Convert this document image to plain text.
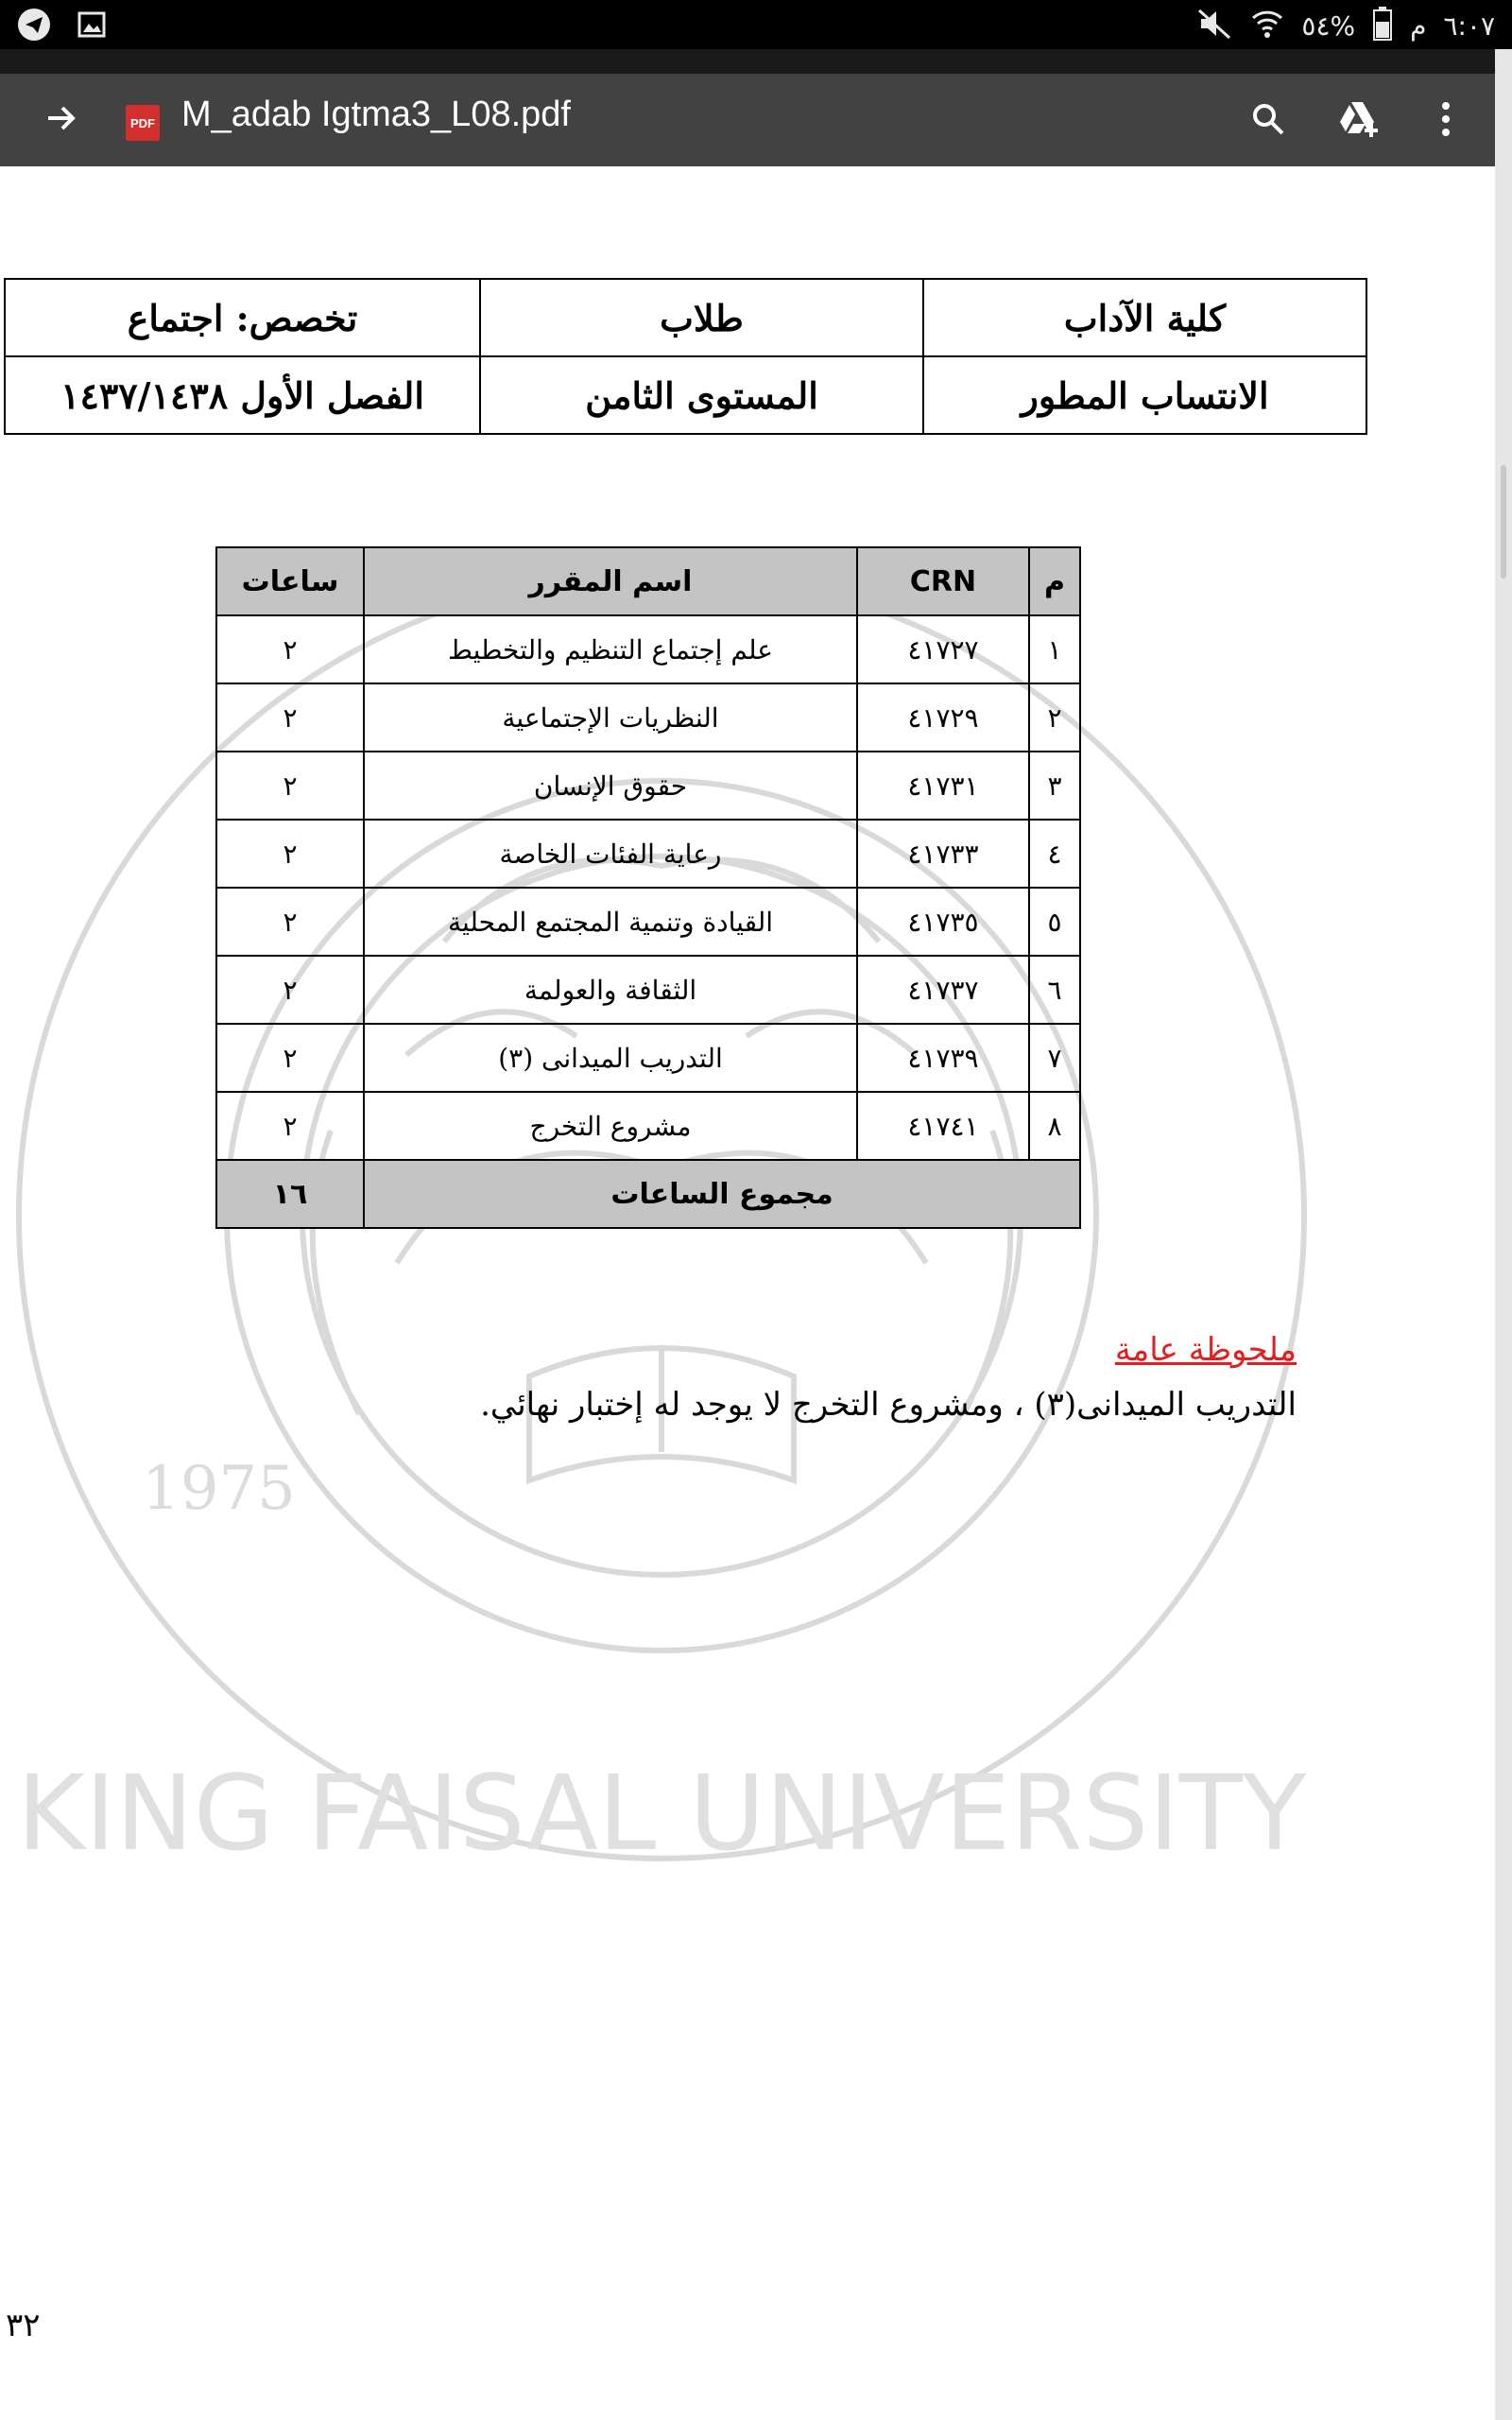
٥٤% م ٦:٠٧
PDF M_adab Igtma3_L08.pdf
1975
KING FAISAL UNIVERSITY
كلية الآداب	طلاب	تخصص: اجتماع
الانتساب المطور	المستوى الثامن	الفصل الأول ١٤٣٧/١٤٣٨
م	CRN	اسم المقرر	ساعات
١	٤١٧٢٧	علم إجتماع التنظيم والتخطيط	٢
٢	٤١٧٢٩	النظريات الإجتماعية	٢
٣	٤١٧٣١	حقوق الإنسان	٢
٤	٤١٧٣٣	رعاية الفئات الخاصة	٢
٥	٤١٧٣٥	القيادة وتنمية المجتمع المحلية	٢
٦	٤١٧٣٧	الثقافة والعولمة	٢
٧	٤١٧٣٩	التدريب الميدانى (٣)	٢
٨	٤١٧٤١	مشروع التخرج	٢
مجموع الساعات			١٦
ملحوظة عامة
التدريب الميدانى(٣) ، ومشروع التخرج لا يوجد له إختبار نهائي.
٣٢
